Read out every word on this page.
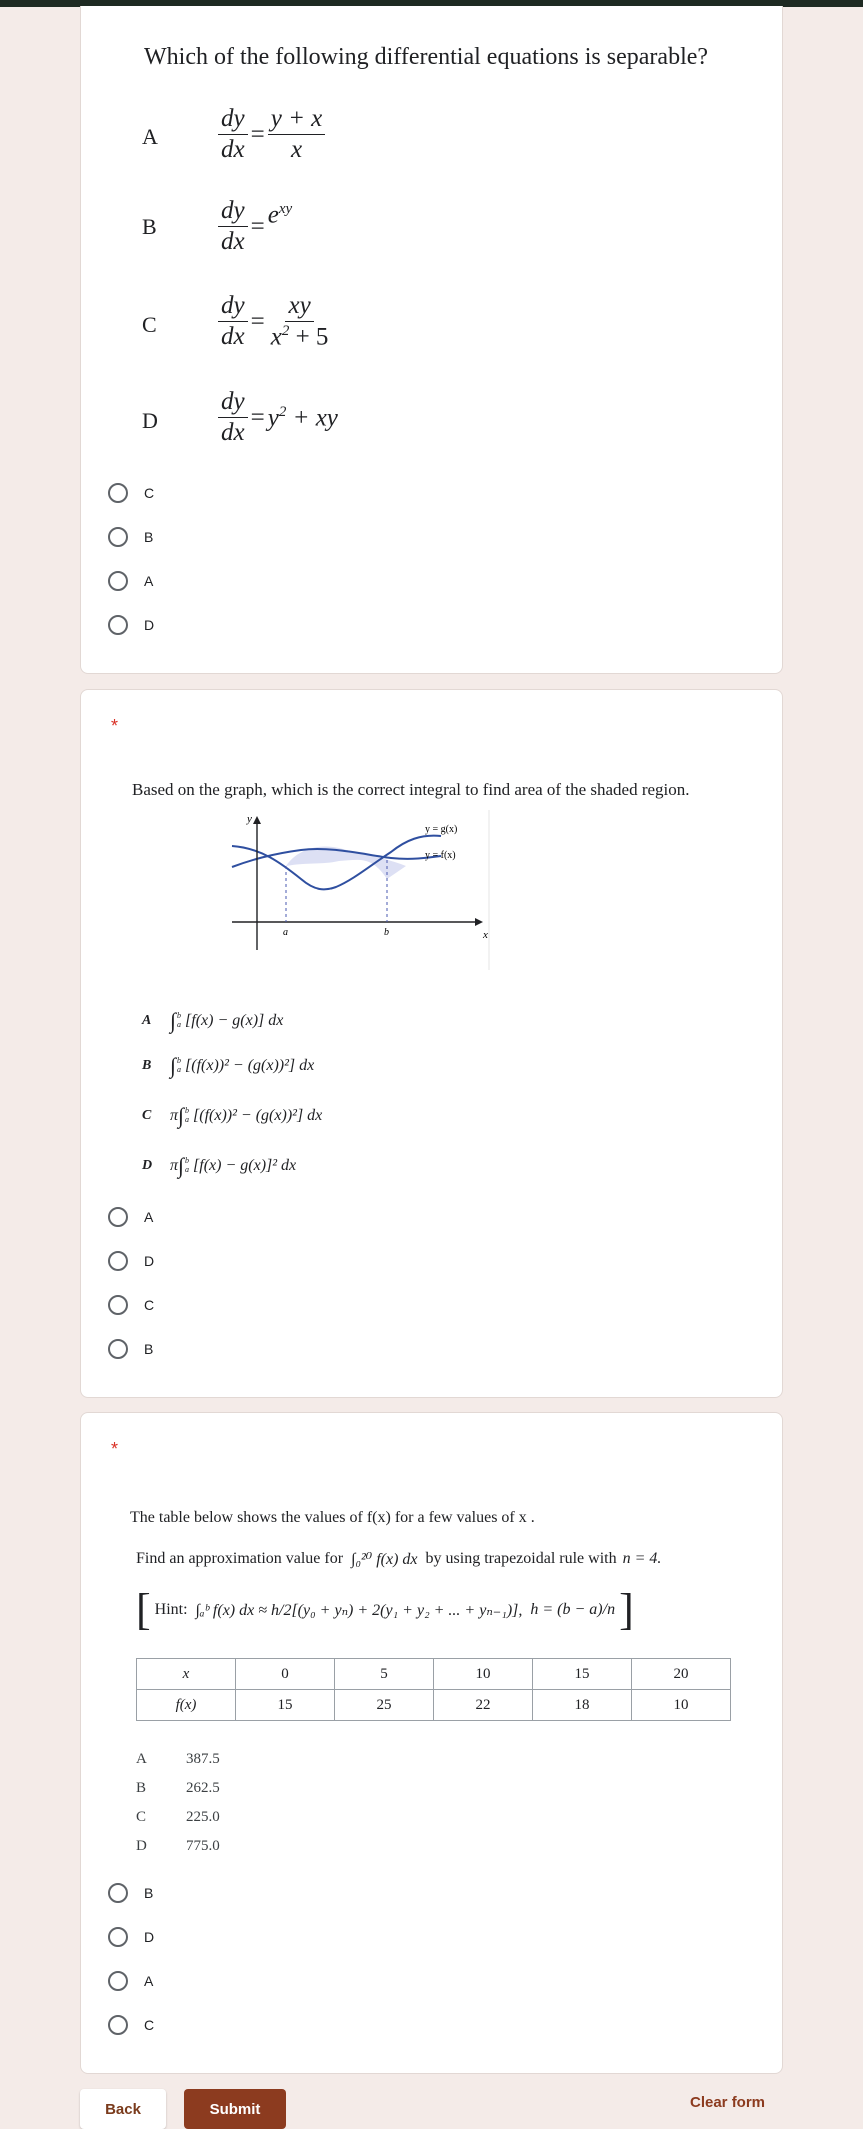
Which of the following differential equations is separable?
A $\frac{dy}{dx} = \frac{y + x}{x}$
B $\frac{dy}{dx} = e^{xy}$
C $\frac{dy}{dx} = \frac{xy}{x^2 + 5}$
D $\frac{dy}{dx} = y^2$ + xy
C
B
A
D
*
Based on the graph, which is the correct integral to find area of the shaded region.
y
x
a	b
y = g(x)
y = f(x)
A ∫ b
a [f(x) − g(x)] dx
B ∫ b
a [(f(x))² − (g(x))²] dx
C	π ∫ b
a [(f(x))² − (g(x))²] dx
D	π ∫ b
a [f(x) − g(x)]² dx
A
D
C
B
*
The table below shows the values of f(x) for a few values of x .
Find an approximation value for ∫₀²⁰ f(x) dx by using trapezoidal rule with n = 4.
[ Hint: ∫ₐᵇ f(x) dx ≈ h/2[(y₀ + yₙ) + 2(y₁ + y₂ + ... + yₙ₋₁)], h = (b − a)/n ]
x	0	5	10	15	20
f(x)	15	25	22	18	10
A	387.5
B	262.5
C	225.0
D	775.0
B
D
A
C
Back	Submit	Clear form
